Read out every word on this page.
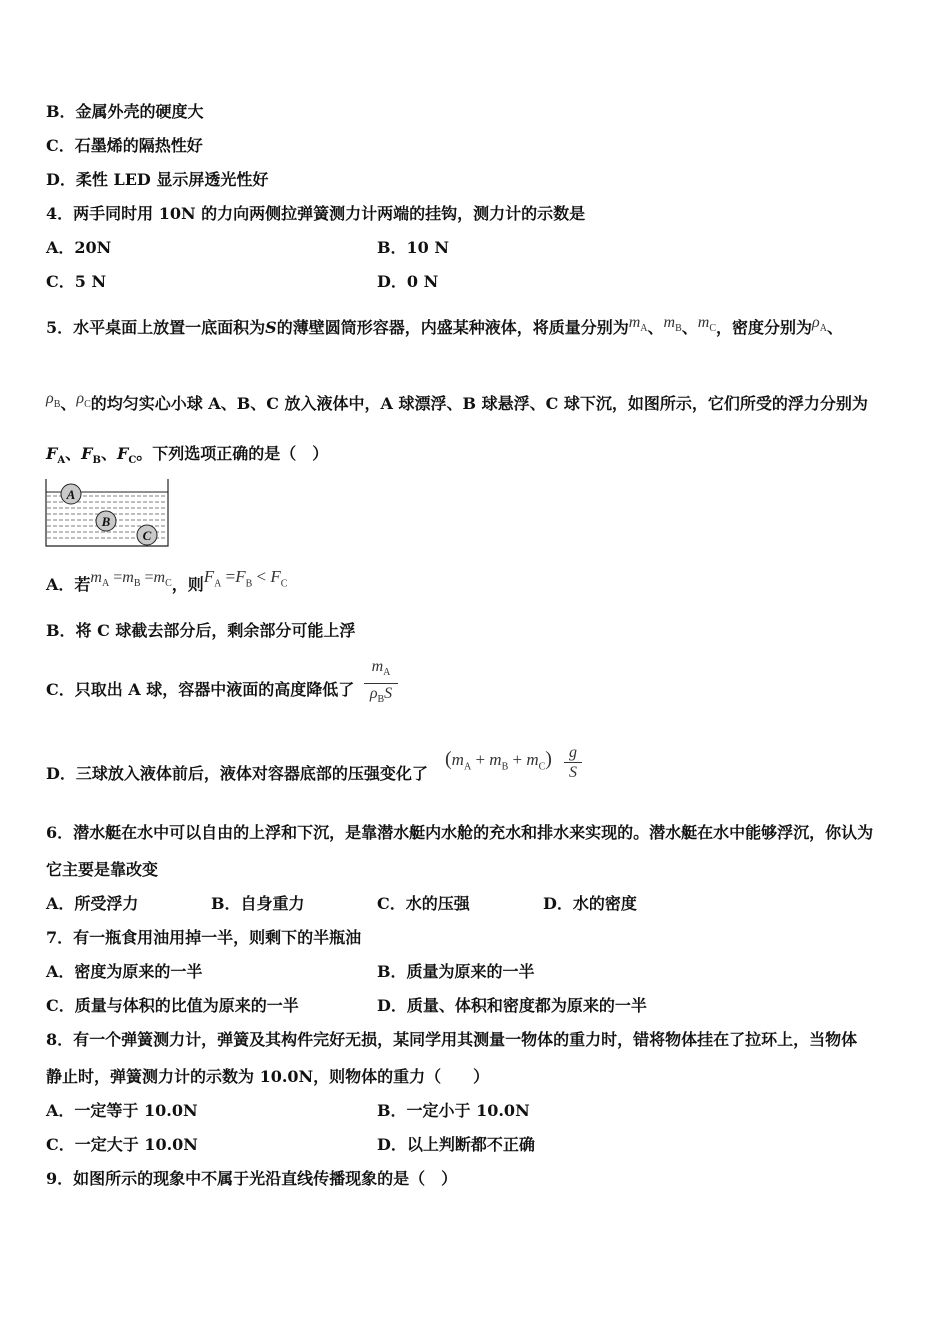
B．金属外壳的硬度大
C．石墨烯的隔热性好
D．柔性 LED 显示屏透光性好
4．两手同时用 10N 的力向两侧拉弹簧测力计两端的挂钩，测力计的示数是
A．20N	B．10 N
C．5 N	D．0 N
5．水平桌面上放置一底面积为S的薄壁圆筒形容器，内盛某种液体，将质量分别为$m_A$、$m_B$、$m_C$，密度分别为$\rho_A$、
$\rho_B$、$\rho_C$的均匀实心小球 A、B、C 放入液体中，A 球漂浮、B 球悬浮、C 球下沉，如图所示，它们所受的浮力分别为
$F_A$、$F_B$、$F_C$。下列选项正确的是（　）
A
B
C
A．若$m_A =m_B =m_C$，则$F_A =F_B < F_C$
B．将 C 球截去部分后，剩余部分可能上浮
C．只取出 A 球，容器中液面的高度降低了
$m_A$
$\rho_BS$
D．三球放入液体前后，液体对容器底部的压强变化了
$(m_A + m_B + m_C) \frac{g}{S}$
6．潜水艇在水中可以自由的上浮和下沉，是靠潜水艇内水舱的充水和排水来实现的。潜水艇在水中能够浮沉，你认为
它主要是靠改变
A．所受浮力	B．自身重力	C．水的压强	D．水的密度
7．有一瓶食用油用掉一半，则剩下的半瓶油
A．密度为原来的一半	B．质量为原来的一半
C．质量与体积的比值为原来的一半	D．质量、体积和密度都为原来的一半
8．有一个弹簧测力计，弹簧及其构件完好无损，某同学用其测量一物体的重力时，错将物体挂在了拉环上，当物体
静止时，弹簧测力计的示数为 10.0N，则物体的重力（　　）
A．一定等于 10.0N	B．一定小于 10.0N
C．一定大于 10.0N	D．以上判断都不正确
9．如图所示的现象中不属于光沿直线传播现象的是（　）
